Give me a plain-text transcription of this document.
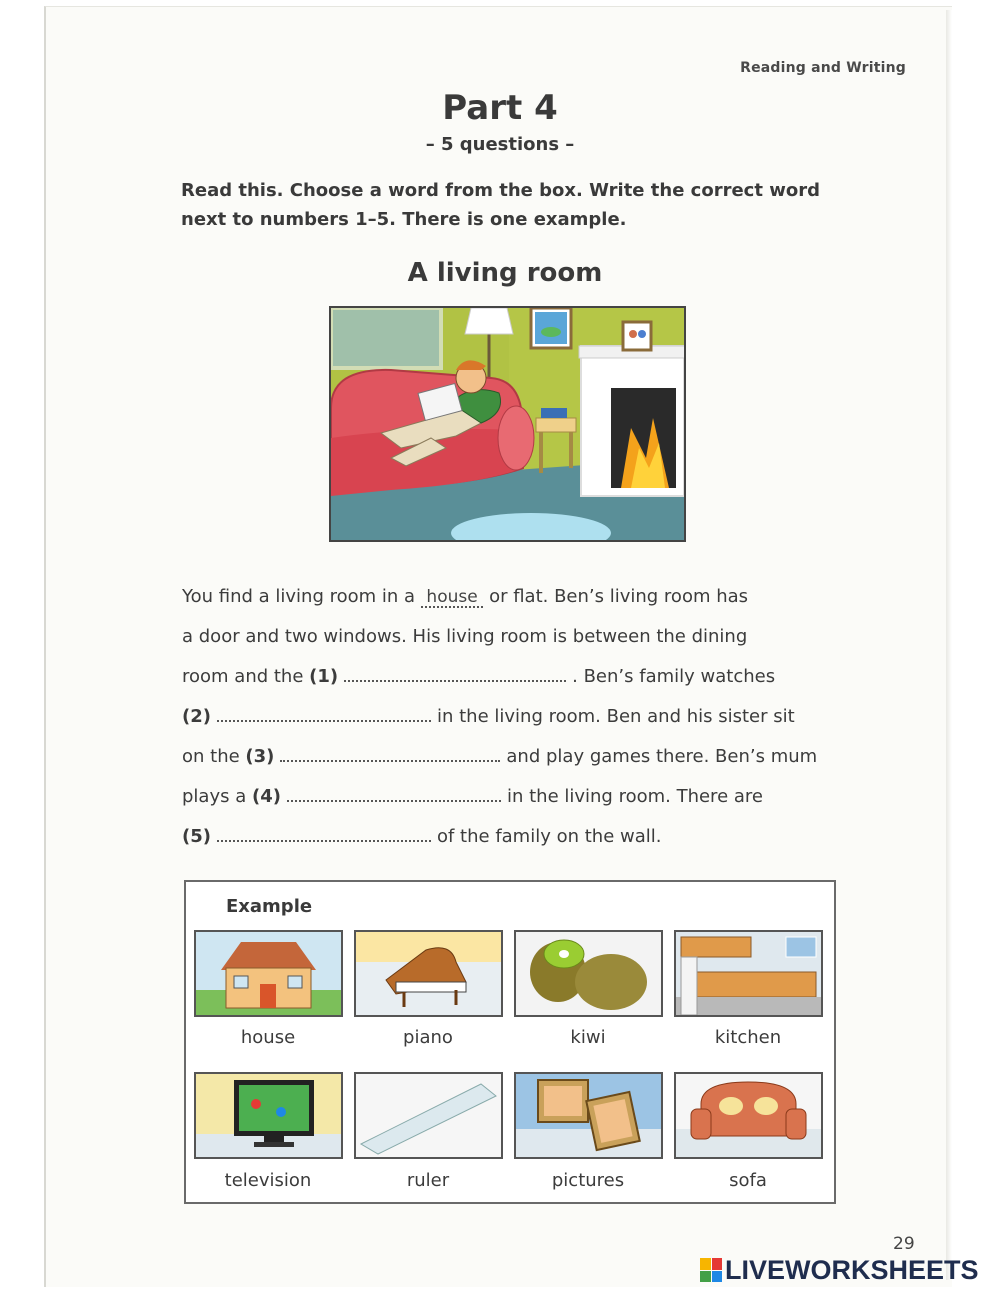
Reading and Writing
Part 4
– 5 questions –
Read this. Choose a word from the box. Write the correct word next to numbers 1–5. There is one example.
A living room
You find a living room in a house or flat. Ben’s living room has
a door and two windows. His living room is between the dining
room and the (1)	. Ben’s family watches
(2)	in the living room. Ben and his sister sit
on the (3)	and play games there. Ben’s mum
plays a (4)	in the living room. There are
(5)	of the family on the wall.
Example
house	piano	kiwi	kitchen
television	ruler	pictures	sofa
29
LIVEWORKSHEETS
